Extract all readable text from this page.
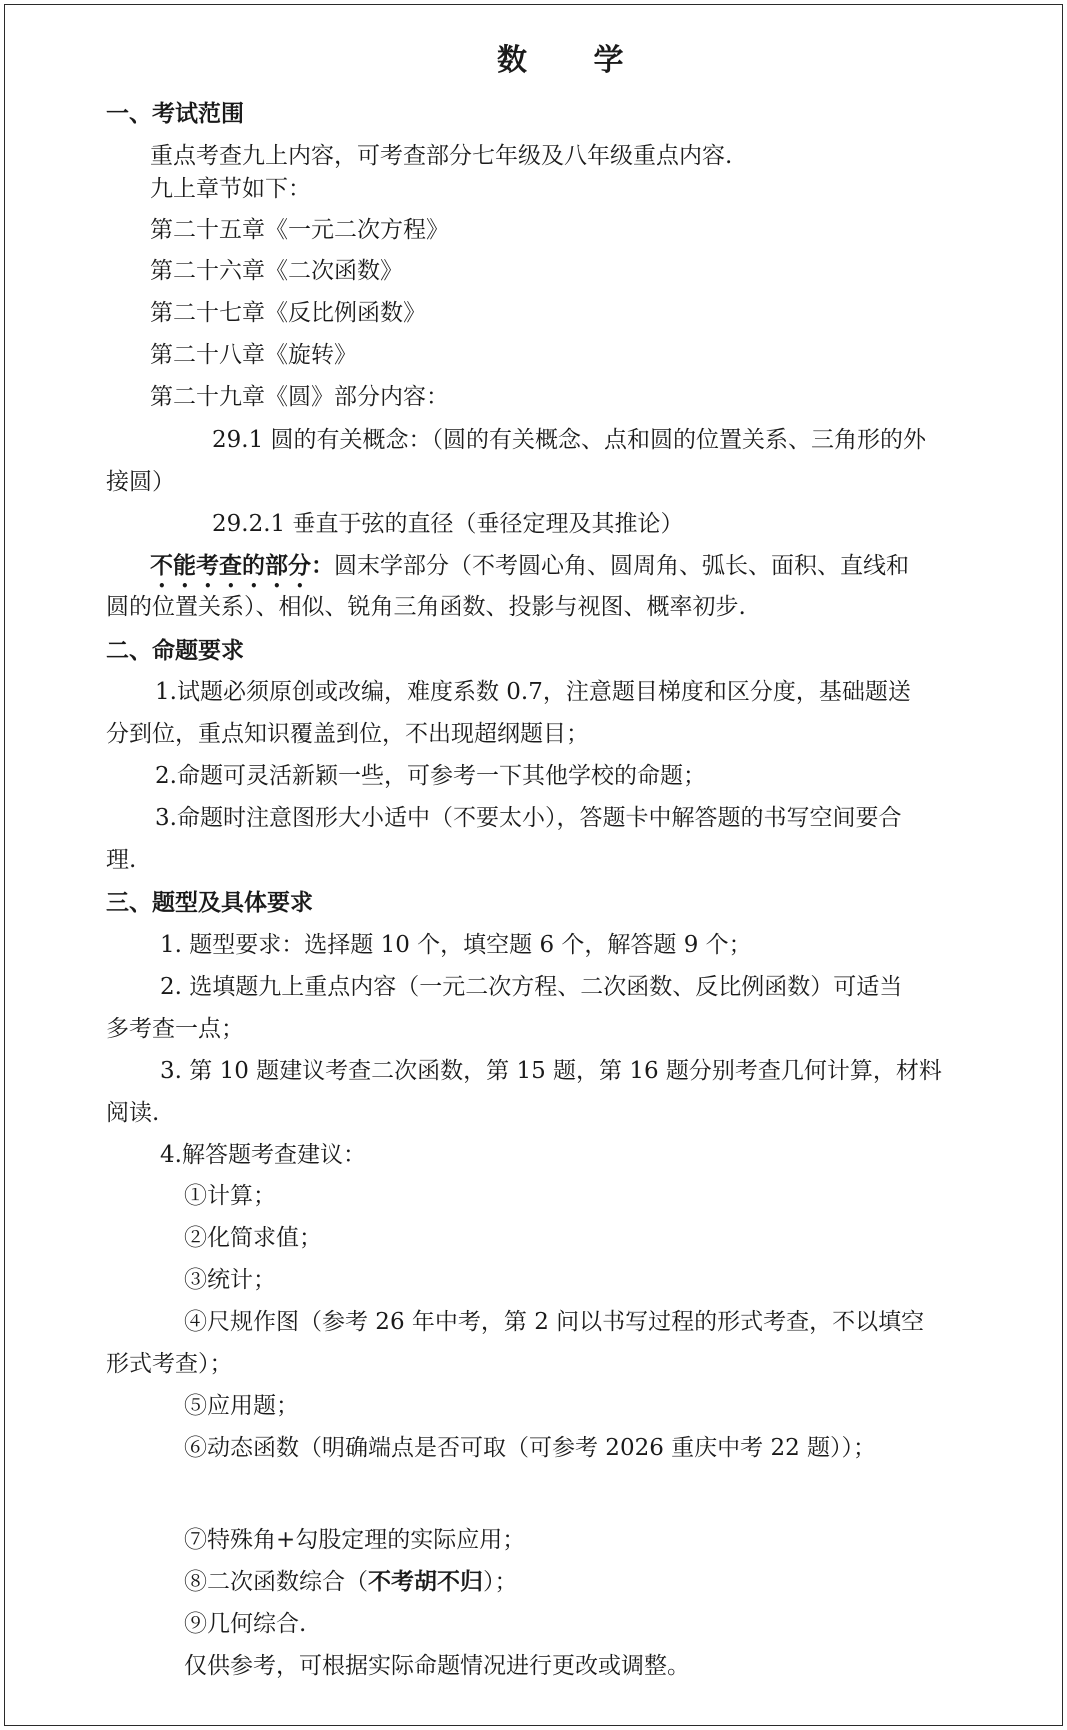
数 学
一、考试范围
重点考查九上内容，可考查部分七年级及八年级重点内容.
九上章节如下：
第二十五章《一元二次方程》
第二十六章《二次函数》
第二十七章《反比例函数》
第二十八章《旋转》
第二十九章《圆》部分内容：
29.1 圆的有关概念：（圆的有关概念、点和圆的位置关系、三角形的外
接圆）
29.2.1 垂直于弦的直径（垂径定理及其推论）
不能考查的部分：圆末学部分（不考圆心角、圆周角、弧长、面积、直线和
圆的位置关系）、相似、锐角三角函数、投影与视图、概率初步.
二、命题要求
1.试题必须原创或改编，难度系数 0.7，注意题目梯度和区分度，基础题送
分到位，重点知识覆盖到位，不出现超纲题目；
2.命题可灵活新颖一些，可参考一下其他学校的命题；
3.命题时注意图形大小适中（不要太小），答题卡中解答题的书写空间要合
理.
三、题型及具体要求
1. 题型要求：选择题 10 个，填空题 6 个，解答题 9 个；
2. 选填题九上重点内容（一元二次方程、二次函数、反比例函数）可适当
多考查一点；
3. 第 10 题建议考查二次函数，第 15 题，第 16 题分别考查几何计算，材料
阅读.
4.解答题考查建议：
①计算；
②化简求值；
③统计；
④尺规作图（参考 26 年中考，第 2 问以书写过程的形式考查，不以填空
形式考查）；
⑤应用题；
⑥动态函数（明确端点是否可取（可参考 2026 重庆中考 22 题））；
⑦特殊角+勾股定理的实际应用；
⑧二次函数综合（不考胡不归）；
⑨几何综合.
仅供参考，可根据实际命题情况进行更改或调整。
